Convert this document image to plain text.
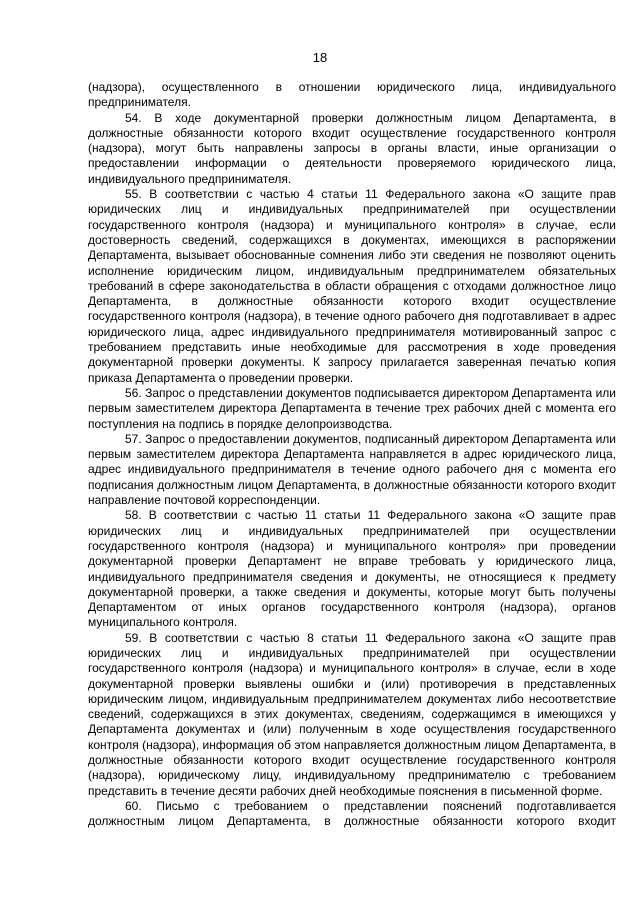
18

(надзора), осуществленного в отношении юридического лица, индивидуального предпринимателя.

54. В ходе документарной проверки должностным лицом Департамента, в должностные обязанности которого входит осуществление государственного контроля (надзора), могут быть направлены запросы в органы власти, иные организации о предоставлении информации о деятельности проверяемого юридического лица, индивидуального предпринимателя.

55. В соответствии с частью 4 статьи 11 Федерального закона «О защите прав юридических лиц и индивидуальных предпринимателей при осуществлении государственного контроля (надзора) и муниципального контроля» в случае, если достоверность сведений, содержащихся в документах, имеющихся в распоряжении Департамента, вызывает обоснованные сомнения либо эти сведения не позволяют оценить исполнение юридическим лицом, индивидуальным предпринимателем обязательных требований в сфере законодательства в области обращения с отходами должностное лицо Департамента, в должностные обязанности которого входит осуществление государственного контроля (надзора), в течение одного рабочего дня подготавливает в адрес юридического лица, адрес индивидуального предпринимателя мотивированный запрос с требованием представить иные необходимые для рассмотрения в ходе проведения документарной проверки документы. К запросу прилагается заверенная печатью копия приказа Департамента о проведении проверки.

56. Запрос о представлении документов подписывается директором Департамента или первым заместителем директора Департамента в течение трех рабочих дней с момента его поступления на подпись в порядке делопроизводства.

57. Запрос о предоставлении документов, подписанный директором Департамента или первым заместителем директора Департамента направляется в адрес юридического лица, адрес индивидуального предпринимателя в течение одного рабочего дня с момента его подписания должностным лицом Департамента, в должностные обязанности которого входит направление почтовой корреспонденции.

58. В соответствии с частью 11 статьи 11 Федерального закона «О защите прав юридических лиц и индивидуальных предпринимателей при осуществлении государственного контроля (надзора) и муниципального контроля» при проведении документарной проверки Департамент не вправе требовать у юридического лица, индивидуального предпринимателя сведения и документы, не относящиеся к предмету документарной проверки, а также сведения и документы, которые могут быть получены Департаментом от иных органов государственного контроля (надзора), органов муниципального контроля.

59. В соответствии с частью 8 статьи 11 Федерального закона «О защите прав юридических лиц и индивидуальных предпринимателей при осуществлении государственного контроля (надзора) и муниципального контроля» в случае, если в ходе документарной проверки выявлены ошибки и (или) противоречия в представленных юридическим лицом, индивидуальным предпринимателем документах либо несоответствие сведений, содержащихся в этих документах, сведениям, содержащимся в имеющихся у Департамента документах и (или) полученным в ходе осуществления государственного контроля (надзора), информация об этом направляется должностным лицом Департамента, в должностные обязанности которого входит осуществление государственного контроля (надзора), юридическому лицу, индивидуальному предпринимателю с требованием представить в течение десяти рабочих дней необходимые пояснения в письменной форме.

60. Письмо с требованием о представлении пояснений подготавливается должностным лицом Департамента, в должностные обязанности которого входит
